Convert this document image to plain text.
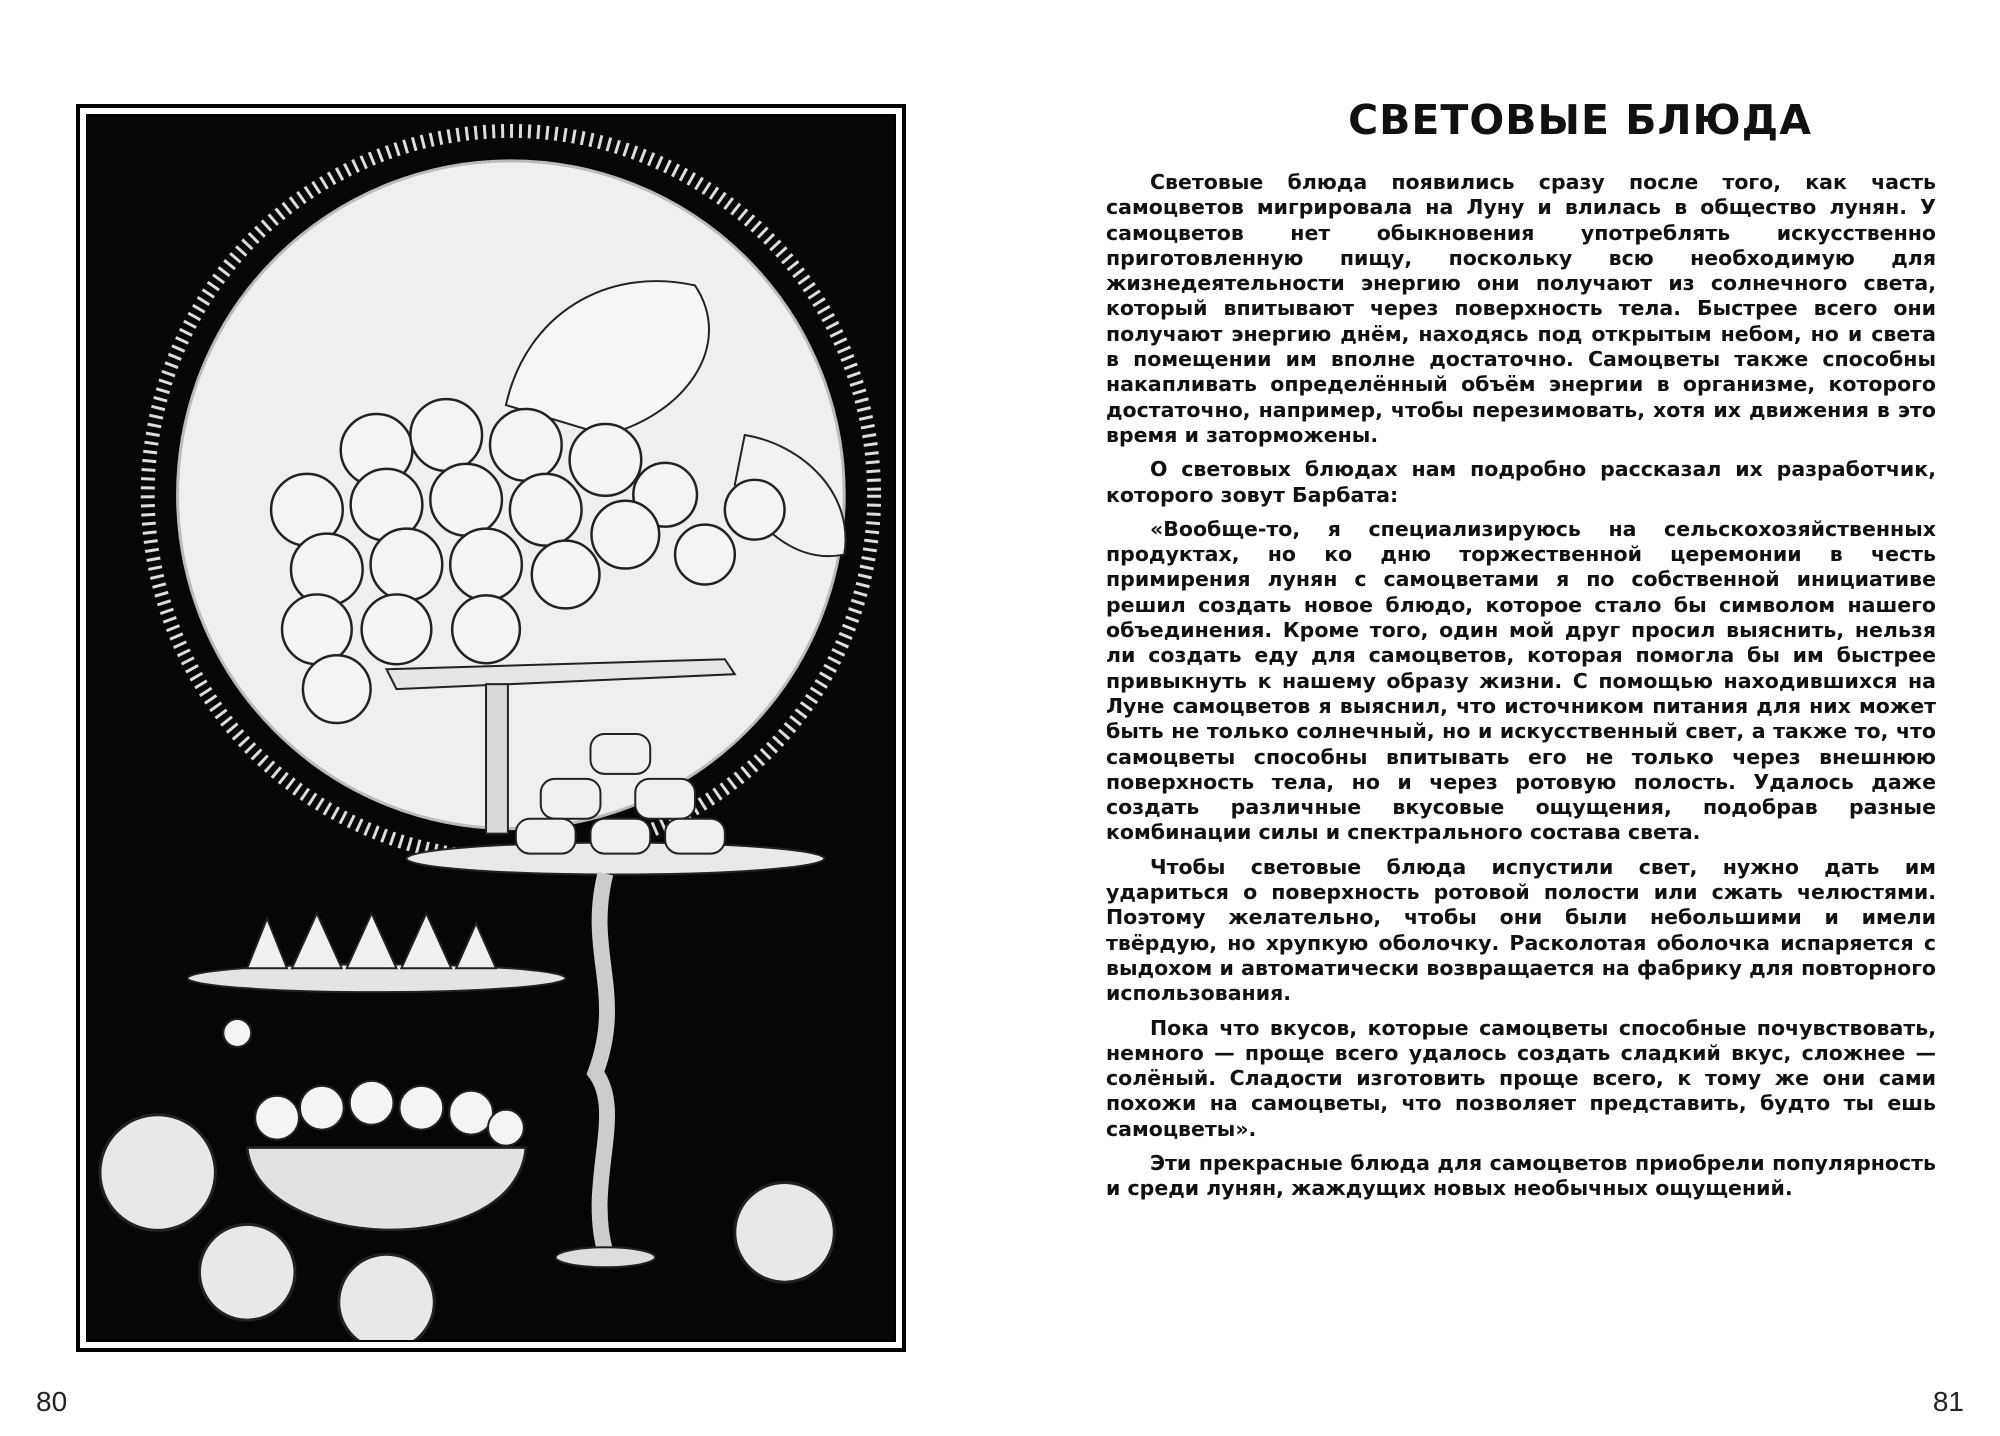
80
СВЕТОВЫЕ БЛЮДА

Световые блюда появились сразу после того, как часть самоцветов мигрировала на Луну и влилась в общество лунян. У самоцветов нет обыкновения употреблять искусственно приготовленную пищу, поскольку всю необходимую для жизнедеятельности энергию они получают из солнечного света, который впитывают через поверхность тела. Быстрее всего они получают энергию днём, находясь под открытым небом, но и света в помещении им вполне достаточно. Самоцветы также способны накапливать определённый объём энергии в организме, которого достаточно, например, чтобы перезимовать, хотя их движения в это время и заторможены.

О световых блюдах нам подробно рассказал их разработчик, которого зовут Барбата:

«Вообще-то, я специализируюсь на сельскохозяйственных продуктах, но ко дню торжественной церемонии в честь примирения лунян с самоцветами я по собственной инициативе решил создать новое блюдо, которое стало бы символом нашего объединения. Кроме того, один мой друг просил выяснить, нельзя ли создать еду для самоцветов, которая помогла бы им быстрее привыкнуть к нашему образу жизни. С помощью находившихся на Луне самоцветов я выяснил, что источником питания для них может быть не только солнечный, но и искусственный свет, а также то, что самоцветы способны впитывать его не только через внешнюю поверхность тела, но и через ротовую полость. Удалось даже создать различные вкусовые ощущения, подобрав разные комбинации силы и спектрального состава света.

Чтобы световые блюда испустили свет, нужно дать им удариться о поверхность ротовой полости или сжать челюстями. Поэтому желательно, чтобы они были небольшими и имели твёрдую, но хрупкую оболочку. Расколотая оболочка испаряется с выдохом и автоматически возвращается на фабрику для повторного использования.

Пока что вкусов, которые самоцветы способные почувствовать, немного — проще всего удалось создать сладкий вкус, сложнее — солёный. Сладости изготовить проще всего, к тому же они сами похожи на самоцветы, что позволяет представить, будто ты ешь самоцветы».

Эти прекрасные блюда для самоцветов приобрели популярность и среди лунян, жаждущих новых необычных ощущений.

81
